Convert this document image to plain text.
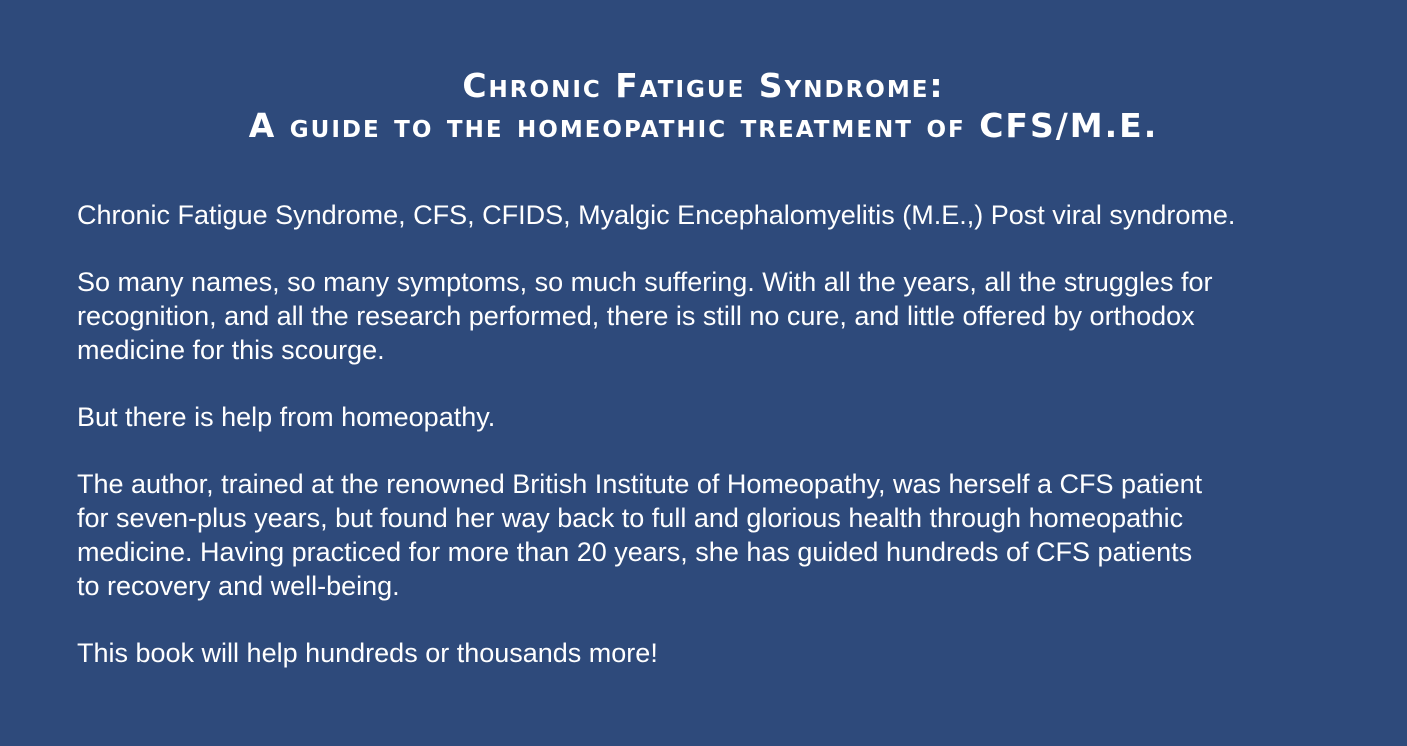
Chronic Fatigue Syndrome:
A guide to the homeopathic treatment of CFS/M.E.

Chronic Fatigue Syndrome, CFS, CFIDS, Myalgic Encephalomyelitis (M.E.,) Post viral syndrome.

So many names, so many symptoms, so much suffering. With all the years, all the struggles for
recognition, and all the research performed, there is still no cure, and little offered by orthodox
medicine for this scourge.

But there is help from homeopathy.

The author, trained at the renowned British Institute of Homeopathy, was herself a CFS patient
for seven-plus years, but found her way back to full and glorious health through homeopathic
medicine. Having practiced for more than 20 years, she has guided hundreds of CFS patients
to recovery and well-being.

This book will help hundreds or thousands more!
